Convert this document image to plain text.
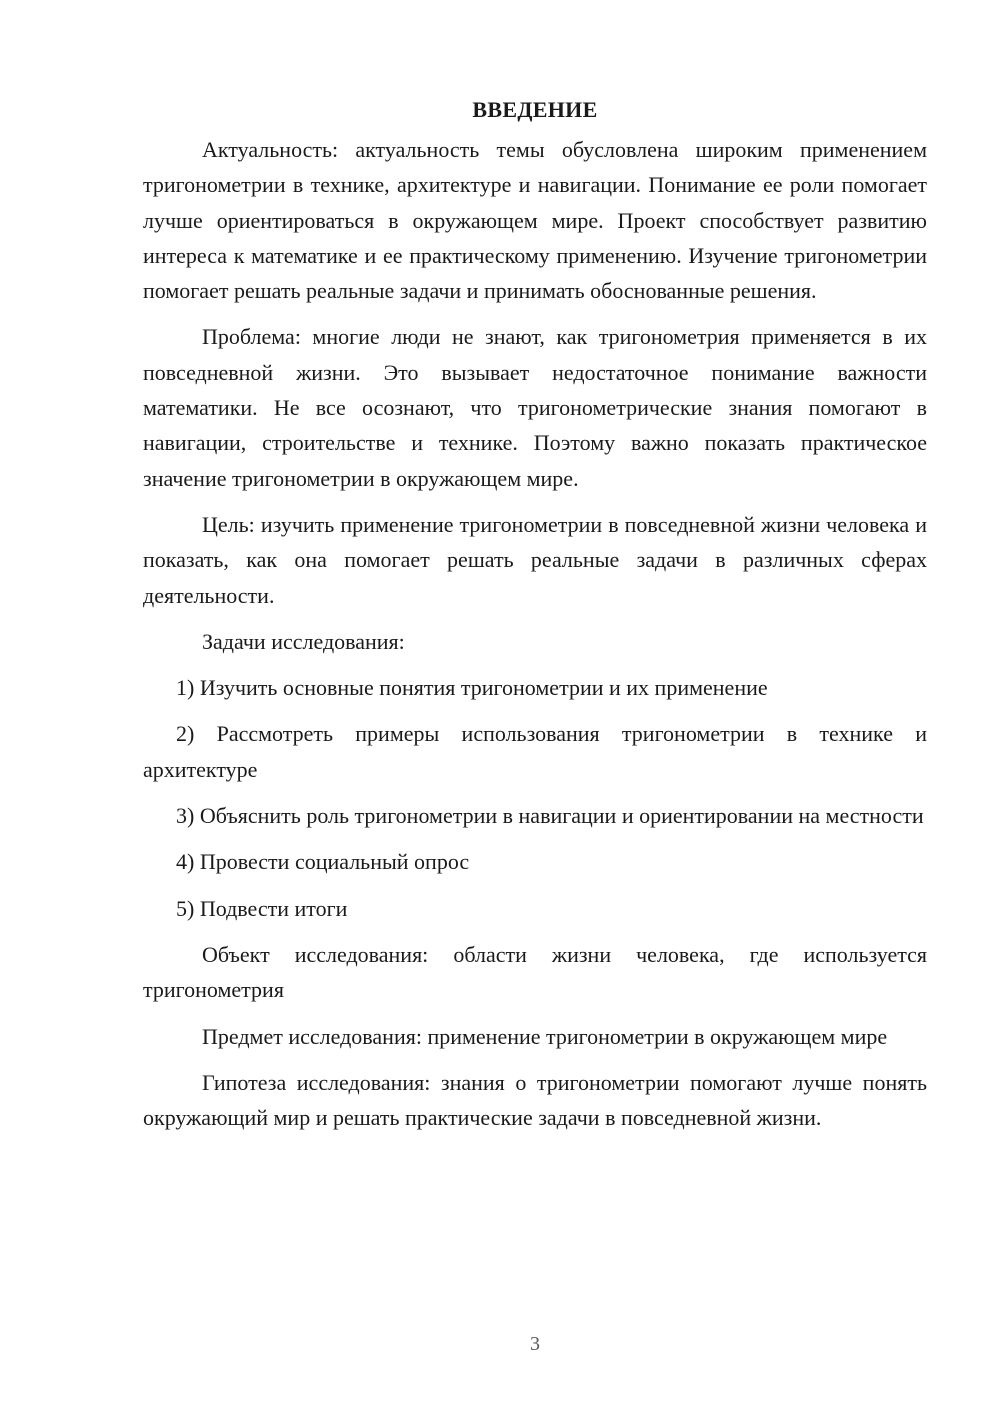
ВВЕДЕНИЕ

Актуальность: актуальность темы обусловлена широким применением тригонометрии в технике, архитектуре и навигации. Понимание ее роли помогает лучше ориентироваться в окружающем мире. Проект способствует развитию интереса к математике и ее практическому применению. Изучение тригонометрии помогает решать реальные задачи и принимать обоснованные решения.

Проблема: многие люди не знают, как тригонометрия применяется в их повседневной жизни. Это вызывает недостаточное понимание важности математики. Не все осознают, что тригонометрические знания помогают в навигации, строительстве и технике. Поэтому важно показать практическое значение тригонометрии в окружающем мире.

Цель: изучить применение тригонометрии в повседневной жизни человека и показать, как она помогает решать реальные задачи в различных сферах деятельности.

Задачи исследования:

1) Изучить основные понятия тригонометрии и их применение

2) Рассмотреть примеры использования тригонометрии в технике и архитектуре

3) Объяснить роль тригонометрии в навигации и ориентировании на местности

4) Провести социальный опрос

5) Подвести итоги

Объект исследования: области жизни человека, где используется тригонометрия

Предмет исследования: применение тригонометрии в окружающем мире

Гипотеза исследования: знания о тригонометрии помогают лучше понять окружающий мир и решать практические задачи в повседневной жизни.

3
